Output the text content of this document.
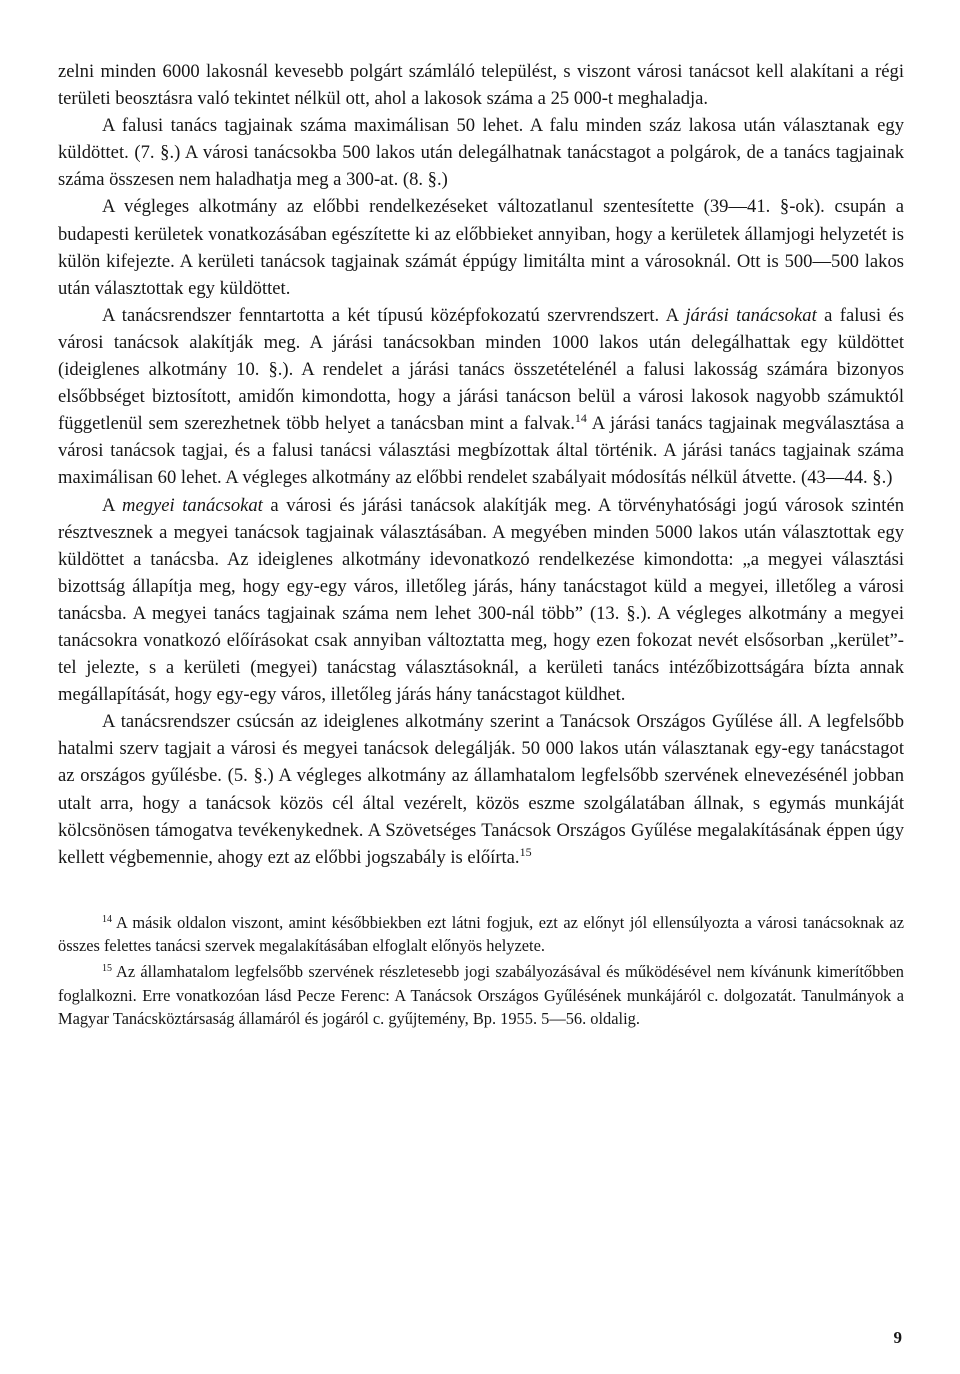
zelni minden 6000 lakosnál kevesebb polgárt számláló települést, s viszont városi tanácsot kell alakítani a régi területi beosztásra való tekintet nélkül ott, ahol a lakosok száma a 25 000-t meghaladja.

A falusi tanács tagjainak száma maximálisan 50 lehet. A falu minden száz lakosa után választanak egy küldöttet. (7. §.) A városi tanácsokba 500 lakos után delegálhatnak tanácstagot a polgárok, de a tanács tagjainak száma összesen nem haladhatja meg a 300-at. (8. §.)

A végleges alkotmány az előbbi rendelkezéseket változatlanul szentesítette (39—41. §-ok). csupán a budapesti kerületek vonatkozásában egészítette ki az előbbieket annyiban, hogy a kerületek államjogi helyzetét is külön kifejezte. A kerületi tanácsok tagjainak számát éppúgy limitálta mint a városoknál. Ott is 500—500 lakos után választottak egy küldöttet.

A tanácsrendszer fenntartotta a két típusú középfokozatú szervrendszert. A járási tanácsokat a falusi és városi tanácsok alakítják meg. A járási tanácsokban minden 1000 lakos után delegálhattak egy küldöttet (ideiglenes alkotmány 10. §.). A rendelet a járási tanács összetételénél a falusi lakosság számára bizonyos elsőbbséget biztosított, amidőn kimondotta, hogy a járási tanácson belül a városi lakosok nagyobb számuktól függetlenül sem szerezhetnek több helyet a tanácsban mint a falvak.$^{14}$ A járási tanács tagjainak megválasztása a városi tanácsok tagjai, és a falusi tanácsi választási megbízottak által történik. A járási tanács tagjainak száma maximálisan 60 lehet. A végleges alkotmány az előbbi rendelet szabályait módosítás nélkül átvette. (43—44. §.)

A megyei tanácsokat a városi és járási tanácsok alakítják meg. A törvényhatósági jogú városok szintén résztvesznek a megyei tanácsok tagjainak választásában. A megyében minden 5000 lakos után választottak egy küldöttet a tanácsba. Az ideiglenes alkotmány idevonatkozó rendelkezése kimondotta: „a megyei választási bizottság állapítja meg, hogy egy-egy város, illetőleg járás, hány tanácstagot küld a megyei, illetőleg a városi tanácsba. A megyei tanács tagjainak száma nem lehet 300-nál több” (13. §.). A végleges alkotmány a megyei tanácsokra vonatkozó előírásokat csak annyiban változtatta meg, hogy ezen fokozat nevét elsősorban „kerület”-tel jelezte, s a kerületi (megyei) tanácstag választásoknál, a kerületi tanács intézőbizottságára bízta annak megállapítását, hogy egy-egy város, illetőleg járás hány tanácstagot küldhet.

A tanácsrendszer csúcsán az ideiglenes alkotmány szerint a Tanácsok Országos Gyűlése áll. A legfelsőbb hatalmi szerv tagjait a városi és megyei tanácsok delegálják. 50 000 lakos után választanak egy-egy tanácstagot az országos gyűlésbe. (5. §.) A végleges alkotmány az államhatalom legfelsőbb szervének elnevezésénél jobban utalt arra, hogy a tanácsok közös cél által vezérelt, közös eszme szolgálatában állnak, s egymás munkáját kölcsönösen támogatva tevékenykednek. A Szövetséges Tanácsok Országos Gyűlése megalakításának éppen úgy kellett végbemennie, ahogy ezt az előbbi jogszabály is előírta.$^{15}$

$^{14}$ A másik oldalon viszont, amint későbbiekben ezt látni fogjuk, ezt az előnyt jól ellensúlyozta a városi tanácsoknak az összes felettes tanácsi szervek megalakításában elfoglalt előnyös helyzete.

$^{15}$ Az államhatalom legfelsőbb szervének részletesebb jogi szabályozásával és működésével nem kívánunk kimerítőbben foglalkozni. Erre vonatkozóan lásd Pecze Ferenc: A Tanácsok Országos Gyűlésének munkájáról c. dolgozatát. Tanulmányok a Magyar Tanácsköztársaság államáról és jogáról c. gyűjtemény, Bp. 1955. 5—56. oldalig.

9
